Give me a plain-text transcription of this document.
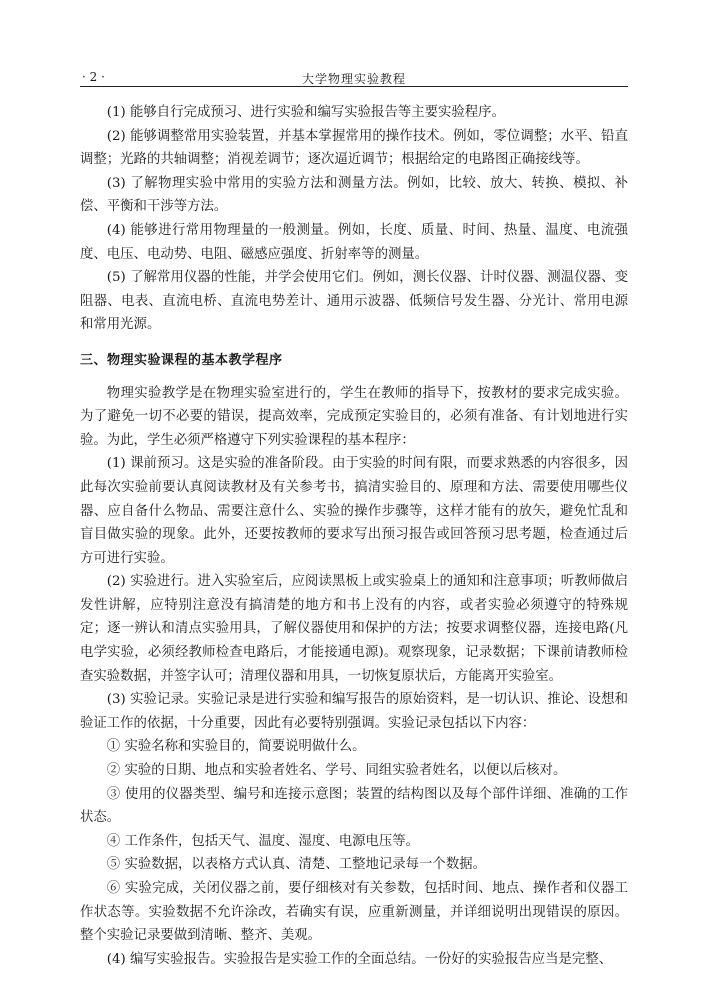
· 2 ·	大学物理实验教程

(1) 能够自行完成预习、进行实验和编写实验报告等主要实验程序。

(2) 能够调整常用实验装置，并基本掌握常用的操作技术。例如，零位调整；水平、铅直调整；光路的共轴调整；消视差调节；逐次逼近调节；根据给定的电路图正确接线等。

(3) 了解物理实验中常用的实验方法和测量方法。例如，比较、放大、转换、模拟、补偿、平衡和干涉等方法。

(4) 能够进行常用物理量的一般测量。例如，长度、质量、时间、热量、温度、电流强度、电压、电动势、电阻、磁感应强度、折射率等的测量。

(5) 了解常用仪器的性能，并学会使用它们。例如，测长仪器、计时仪器、测温仪器、变阻器、电表、直流电桥、直流电势差计、通用示波器、低频信号发生器、分光计、常用电源和常用光源。

三、物理实验课程的基本教学程序

物理实验教学是在物理实验室进行的，学生在教师的指导下，按教材的要求完成实验。为了避免一切不必要的错误，提高效率，完成预定实验目的，必须有准备、有计划地进行实验。为此，学生必须严格遵守下列实验课程的基本程序：

(1) 课前预习。这是实验的准备阶段。由于实验的时间有限，而要求熟悉的内容很多，因此每次实验前要认真阅读教材及有关参考书，搞清实验目的、原理和方法、需要使用哪些仪器、应自备什么物品、需要注意什么、实验的操作步骤等，这样才能有的放矢，避免忙乱和盲目做实验的现象。此外，还要按教师的要求写出预习报告或回答预习思考题，检查通过后方可进行实验。

(2) 实验进行。进入实验室后，应阅读黑板上或实验桌上的通知和注意事项；听教师做启发性讲解，应特别注意没有搞清楚的地方和书上没有的内容，或者实验必须遵守的特殊规定；逐一辨认和清点实验用具，了解仪器使用和保护的方法；按要求调整仪器，连接电路(凡电学实验，必须经教师检查电路后，才能接通电源)。观察现象，记录数据；下课前请教师检查实验数据，并签字认可；清理仪器和用具，一切恢复原状后，方能离开实验室。

(3) 实验记录。实验记录是进行实验和编写报告的原始资料，是一切认识、推论、设想和验证工作的依据，十分重要，因此有必要特别强调。实验记录包括以下内容：

① 实验名称和实验目的，简要说明做什么。

② 实验的日期、地点和实验者姓名、学号、同组实验者姓名，以便以后核对。

③ 使用的仪器类型、编号和连接示意图；装置的结构图以及每个部件详细、准确的工作状态。

④ 工作条件，包括天气、温度、湿度、电源电压等。

⑤ 实验数据，以表格方式认真、清楚、工整地记录每一个数据。

⑥ 实验完成，关闭仪器之前，要仔细核对有关参数，包括时间、地点、操作者和仪器工作状态等。实验数据不允许涂改，若确实有误，应重新测量，并详细说明出现错误的原因。整个实验记录要做到清晰、整齐、美观。

(4) 编写实验报告。实验报告是实验工作的全面总结。一份好的实验报告应当是完整、
